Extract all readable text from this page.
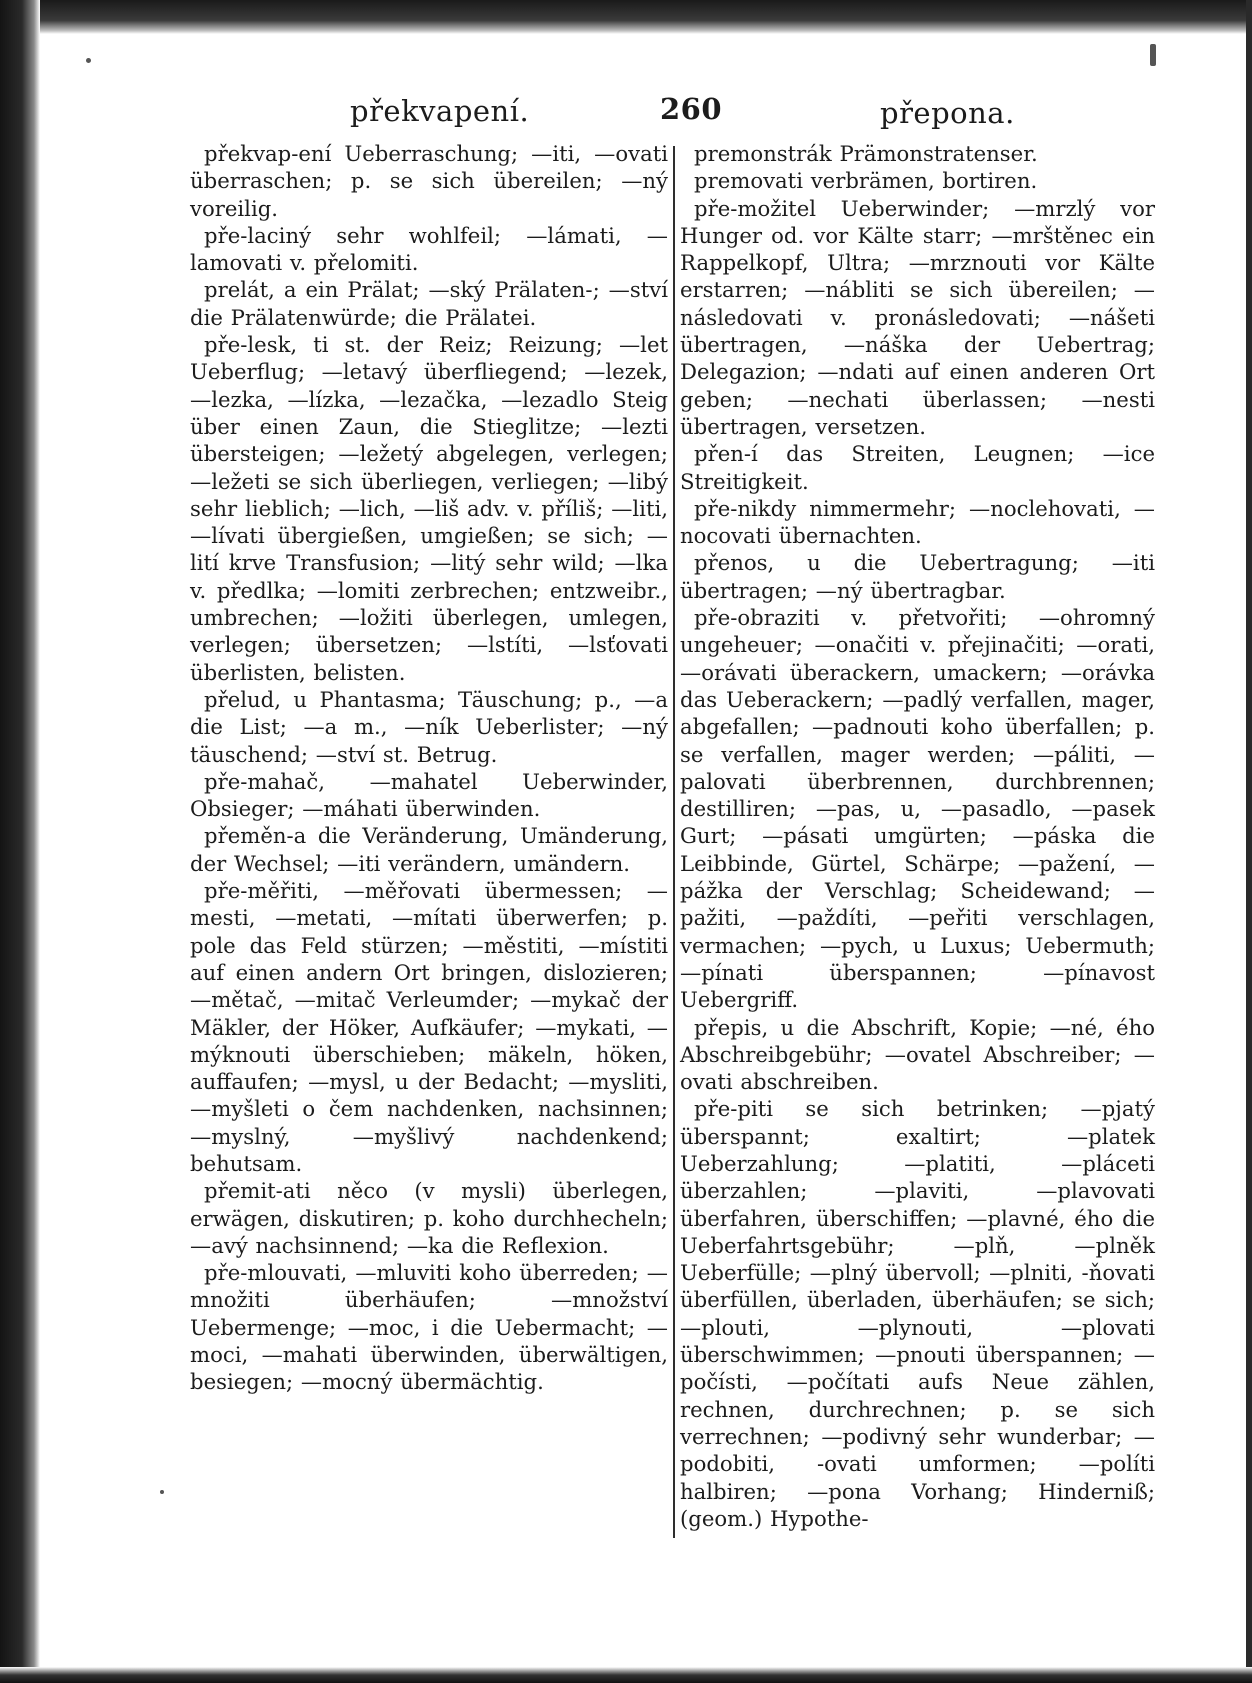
překvapení.	260	přepona.

překvap-ení Ueberraschung; —iti, —ovati überraschen; p. se sich übereilen; —ný voreilig.

pře-laciný sehr wohlfeil; —lámati, —lamovati v. přelomiti.

prelát, a ein Prälat; —ský Prälaten-; —ství die Prälatenwürde; die Prälatei.

pře-lesk, ti st. der Reiz; Reizung; —let Ueberflug; —letavý überfliegend; —lezek, —lezka, —lízka, —lezačka, —lezadlo Steig über einen Zaun, die Stieglitze; —lezti übersteigen; —ležetý abgelegen, verlegen; —ležeti se sich überliegen, verliegen; —libý sehr lieblich; —lich, —liš adv. v. příliš; —liti, —lívati übergießen, umgießen; se sich; —lití krve Transfusion; —litý sehr wild; —lka v. předlka; —lomiti zerbrechen; entzweibr., umbrechen; —ložiti überlegen, umlegen, verlegen; übersetzen; —lstíti, —lsťovati überlisten, belisten.

přelud, u Phantasma; Täuschung; p., —a die List; —a m., —ník Ueberlister; —ný täuschend; —ství st. Betrug.

pře-mahač, —mahatel Ueberwinder, Obsieger; —máhati überwinden.

přeměn-a die Veränderung, Umänderung, der Wechsel; —iti verändern, umändern.

pře-měřiti, —měřovati übermessen; —mesti, —metati, —mítati überwerfen; p. pole das Feld stürzen; —městiti, —místiti auf einen andern Ort bringen, dislozieren; —mětač, —mitač Verleumder; —mykač der Mäkler, der Höker, Aufkäufer; —mykati, —mýknouti überschieben; mäkeln, höken, auffaufen; —mysl, u der Bedacht; —mysliti, —myšleti o čem nachdenken, nachsinnen; —myslný, —myšlivý nachdenkend; behutsam.

přemit-ati něco (v mysli) überlegen, erwägen, diskutiren; p. koho durchhecheln; —avý nachsinnend; —ka die Reflexion.

pře-mlouvati, —mluviti koho überreden; —množiti überhäufen; —množství Uebermenge; —moc, i die Uebermacht; —moci, —mahati überwinden, überwältigen, besiegen; —mocný übermächtig.

premonstrák Prämonstratenser.

premovati verbrämen, bortiren.

pře-možitel Ueberwinder; —mrzlý vor Hunger od. vor Kälte starr; —mrštěnec ein Rappelkopf, Ultra; —mrznouti vor Kälte erstarren; —nábliti se sich übereilen; —následovati v. pronásledovati; —nášeti übertragen, —náška der Uebertrag; Delegazion; —ndati auf einen anderen Ort geben; —nechati überlassen; —nesti übertragen, versetzen.

přen-í das Streiten, Leugnen; —ice Streitigkeit.

pře-nikdy nimmermehr; —noclehovati, —nocovati übernachten.

přenos, u die Uebertragung; —iti übertragen; —ný übertragbar.

pře-obraziti v. přetvořiti; —ohromný ungeheuer; —onačiti v. přejinačiti; —orati, —orávati überackern, umackern; —orávka das Ueberackern; —padlý verfallen, mager, abgefallen; —padnouti koho überfallen; p. se verfallen, mager werden; —páliti, —palovati überbrennen, durchbrennen; destilliren; —pas, u, —pasadlo, —pasek Gurt; —pásati umgürten; —páska die Leibbinde, Gürtel, Schärpe; —pažení, —pážka der Verschlag; Scheidewand; —pažiti, —paždíti, —peřiti verschlagen, vermachen; —pych, u Luxus; Uebermuth; —pínati überspannen; —pínavost Uebergriff.

přepis, u die Abschrift, Kopie; —né, ého Abschreibgebühr; —ovatel Abschreiber; —ovati abschreiben.

pře-piti se sich betrinken; —pjatý überspannt; exaltirt; —platek Ueberzahlung; —platiti, —pláceti überzahlen; —plaviti, —plavovati überfahren, überschiffen; —plavné, ého die Ueberfahrtsgebühr; —plň, —plněk Ueberfülle; —plný übervoll; —plniti, -ňovati überfüllen, überladen, überhäufen; se sich; —plouti, —plynouti, —plovati überschwimmen; —pnouti überspannen; —počísti, —počítati aufs Neue zählen, rechnen, durchrechnen; p. se sich verrechnen; —podivný sehr wunderbar; —podobiti, -ovati umformen; —políti halbiren; —pona Vorhang; Hinderniß; (geom.) Hypothe-
